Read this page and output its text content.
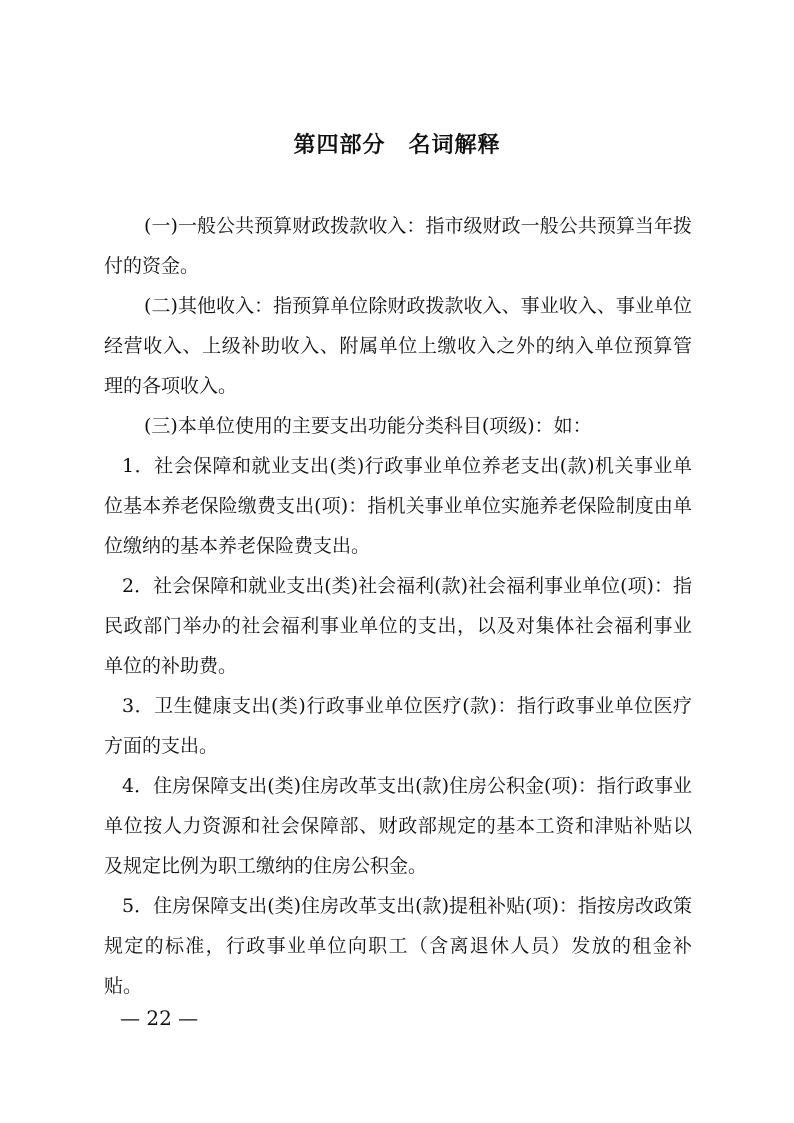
第四部分　名词解释

(一)一般公共预算财政拨款收入：指市级财政一般公共预算当年拨付的资金。

(二)其他收入：指预算单位除财政拨款收入、事业收入、事业单位经营收入、上级补助收入、附属单位上缴收入之外的纳入单位预算管理的各项收入。

(三)本单位使用的主要支出功能分类科目(项级)：如：

1．社会保障和就业支出(类)行政事业单位养老支出(款)机关事业单位基本养老保险缴费支出(项)：指机关事业单位实施养老保险制度由单位缴纳的基本养老保险费支出。

2．社会保障和就业支出(类)社会福利(款)社会福利事业单位(项)：指民政部门举办的社会福利事业单位的支出，以及对集体社会福利事业单位的补助费。

3．卫生健康支出(类)行政事业单位医疗(款)：指行政事业单位医疗方面的支出。

4．住房保障支出(类)住房改革支出(款)住房公积金(项)：指行政事业单位按人力资源和社会保障部、财政部规定的基本工资和津贴补贴以及规定比例为职工缴纳的住房公积金。

5．住房保障支出(类)住房改革支出(款)提租补贴(项)：指按房改政策规定的标准，行政事业单位向职工（含离退休人员）发放的租金补贴。

— 22 —
